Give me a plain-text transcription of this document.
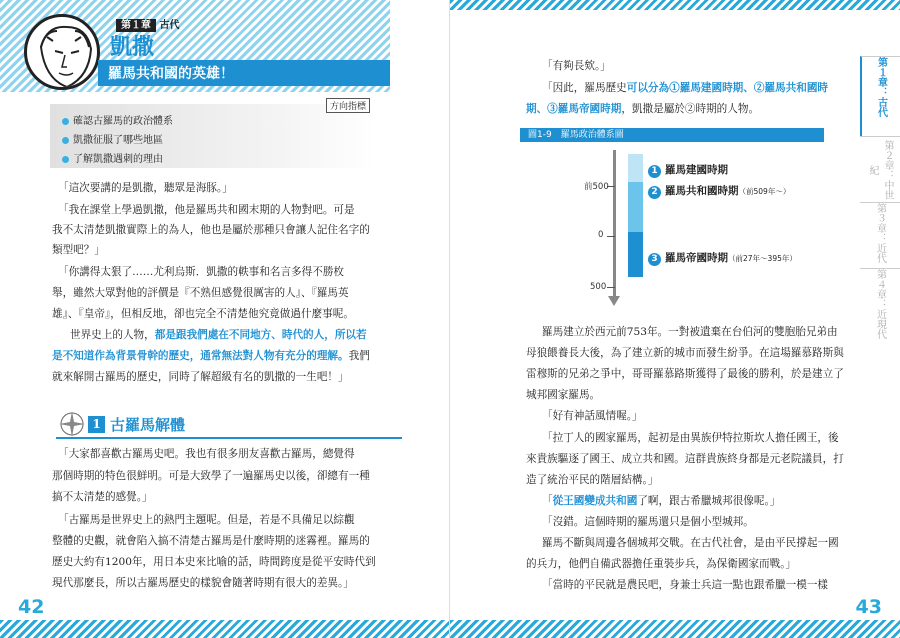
第１章 古代
凱撒
羅馬共和國的英雄！
方向指標
確認古羅馬的政治體系
凱撒征服了哪些地區
了解凱撒遇刺的理由
「這次要講的是凱撒，聽眾是海豚。」
「我在課堂上學過凱撒，他是羅馬共和國末期的人物對吧。可是
我不太清楚凱撒實際上的為人，他也是屬於那種只會讓人記住名字的
類型吧？」
「你講得太狠了……尤利烏斯．凱撒的軼事和名言多得不勝枚
舉，雖然大眾對他的評價是『不熟但感覺很厲害的人』、『羅馬英
雄』、『皇帝』，但相反地，卻也完全不清楚他究竟做過什麼事呢。
世界史上的人物，都是跟我們處在不同地方、時代的人，所以若
是不知道作為背景骨幹的歷史，通常無法對人物有充分的理解。我們
就來解開古羅馬的歷史，同時了解超級有名的凱撒的一生吧！」
1 古羅馬解體
「大家都喜歡古羅馬史吧。我也有很多朋友喜歡古羅馬，總覺得
那個時期的特色很鮮明。可是大致學了一遍羅馬史以後，卻總有一種
搞不太清楚的感覺。」
「古羅馬是世界史上的熱門主題呢。但是，若是不具備足以綜觀
整體的史觀，就會陷入搞不清楚古羅馬是什麼時期的迷霧裡。羅馬的
歷史大約有1200年，用日本史來比喻的話，時間跨度是從平安時代到
現代那麼長，所以古羅馬歷史的樣貌會隨著時期有很大的差異。」
42
「有夠長欸。」
「因此，羅馬歷史可以分為①羅馬建國時期、②羅馬共和國時
期、③羅馬帝國時期，凱撒是屬於②時期的人物。
圖1-9　羅馬政治體系圖
前500
0
500
1 羅馬建國時期
2 羅馬共和國時期（前509年～）
3 羅馬帝國時期（前27年～395年）
羅馬建立於西元前753年。一對被遺棄在台伯河的雙胞胎兄弟由
母狼餵養長大後，為了建立新的城市而發生紛爭。在這場羅慕路斯與
雷穆斯的兄弟之爭中，哥哥羅慕路斯獲得了最後的勝利，於是建立了
城邦國家羅馬。
「好有神話風情喔。」
「拉丁人的國家羅馬，起初是由異族伊特拉斯坎人擔任國王，後
來貴族驅逐了國王、成立共和國。這群貴族終身都是元老院議員，打
造了統治平民的階層結構。」
「從王國變成共和國了啊，跟古希臘城邦很像呢。」
「沒錯。這個時期的羅馬還只是個小型城邦。
羅馬不斷與周邊各個城邦交戰。在古代社會，是由平民撐起一國
的兵力，他們自備武器擔任重裝步兵，為保衛國家而戰。」
「當時的平民就是農民吧，身兼士兵這一點也跟希臘一模一樣
第１章：古代
第２章：中世紀
第３章：近代
第４章：近現代
43
